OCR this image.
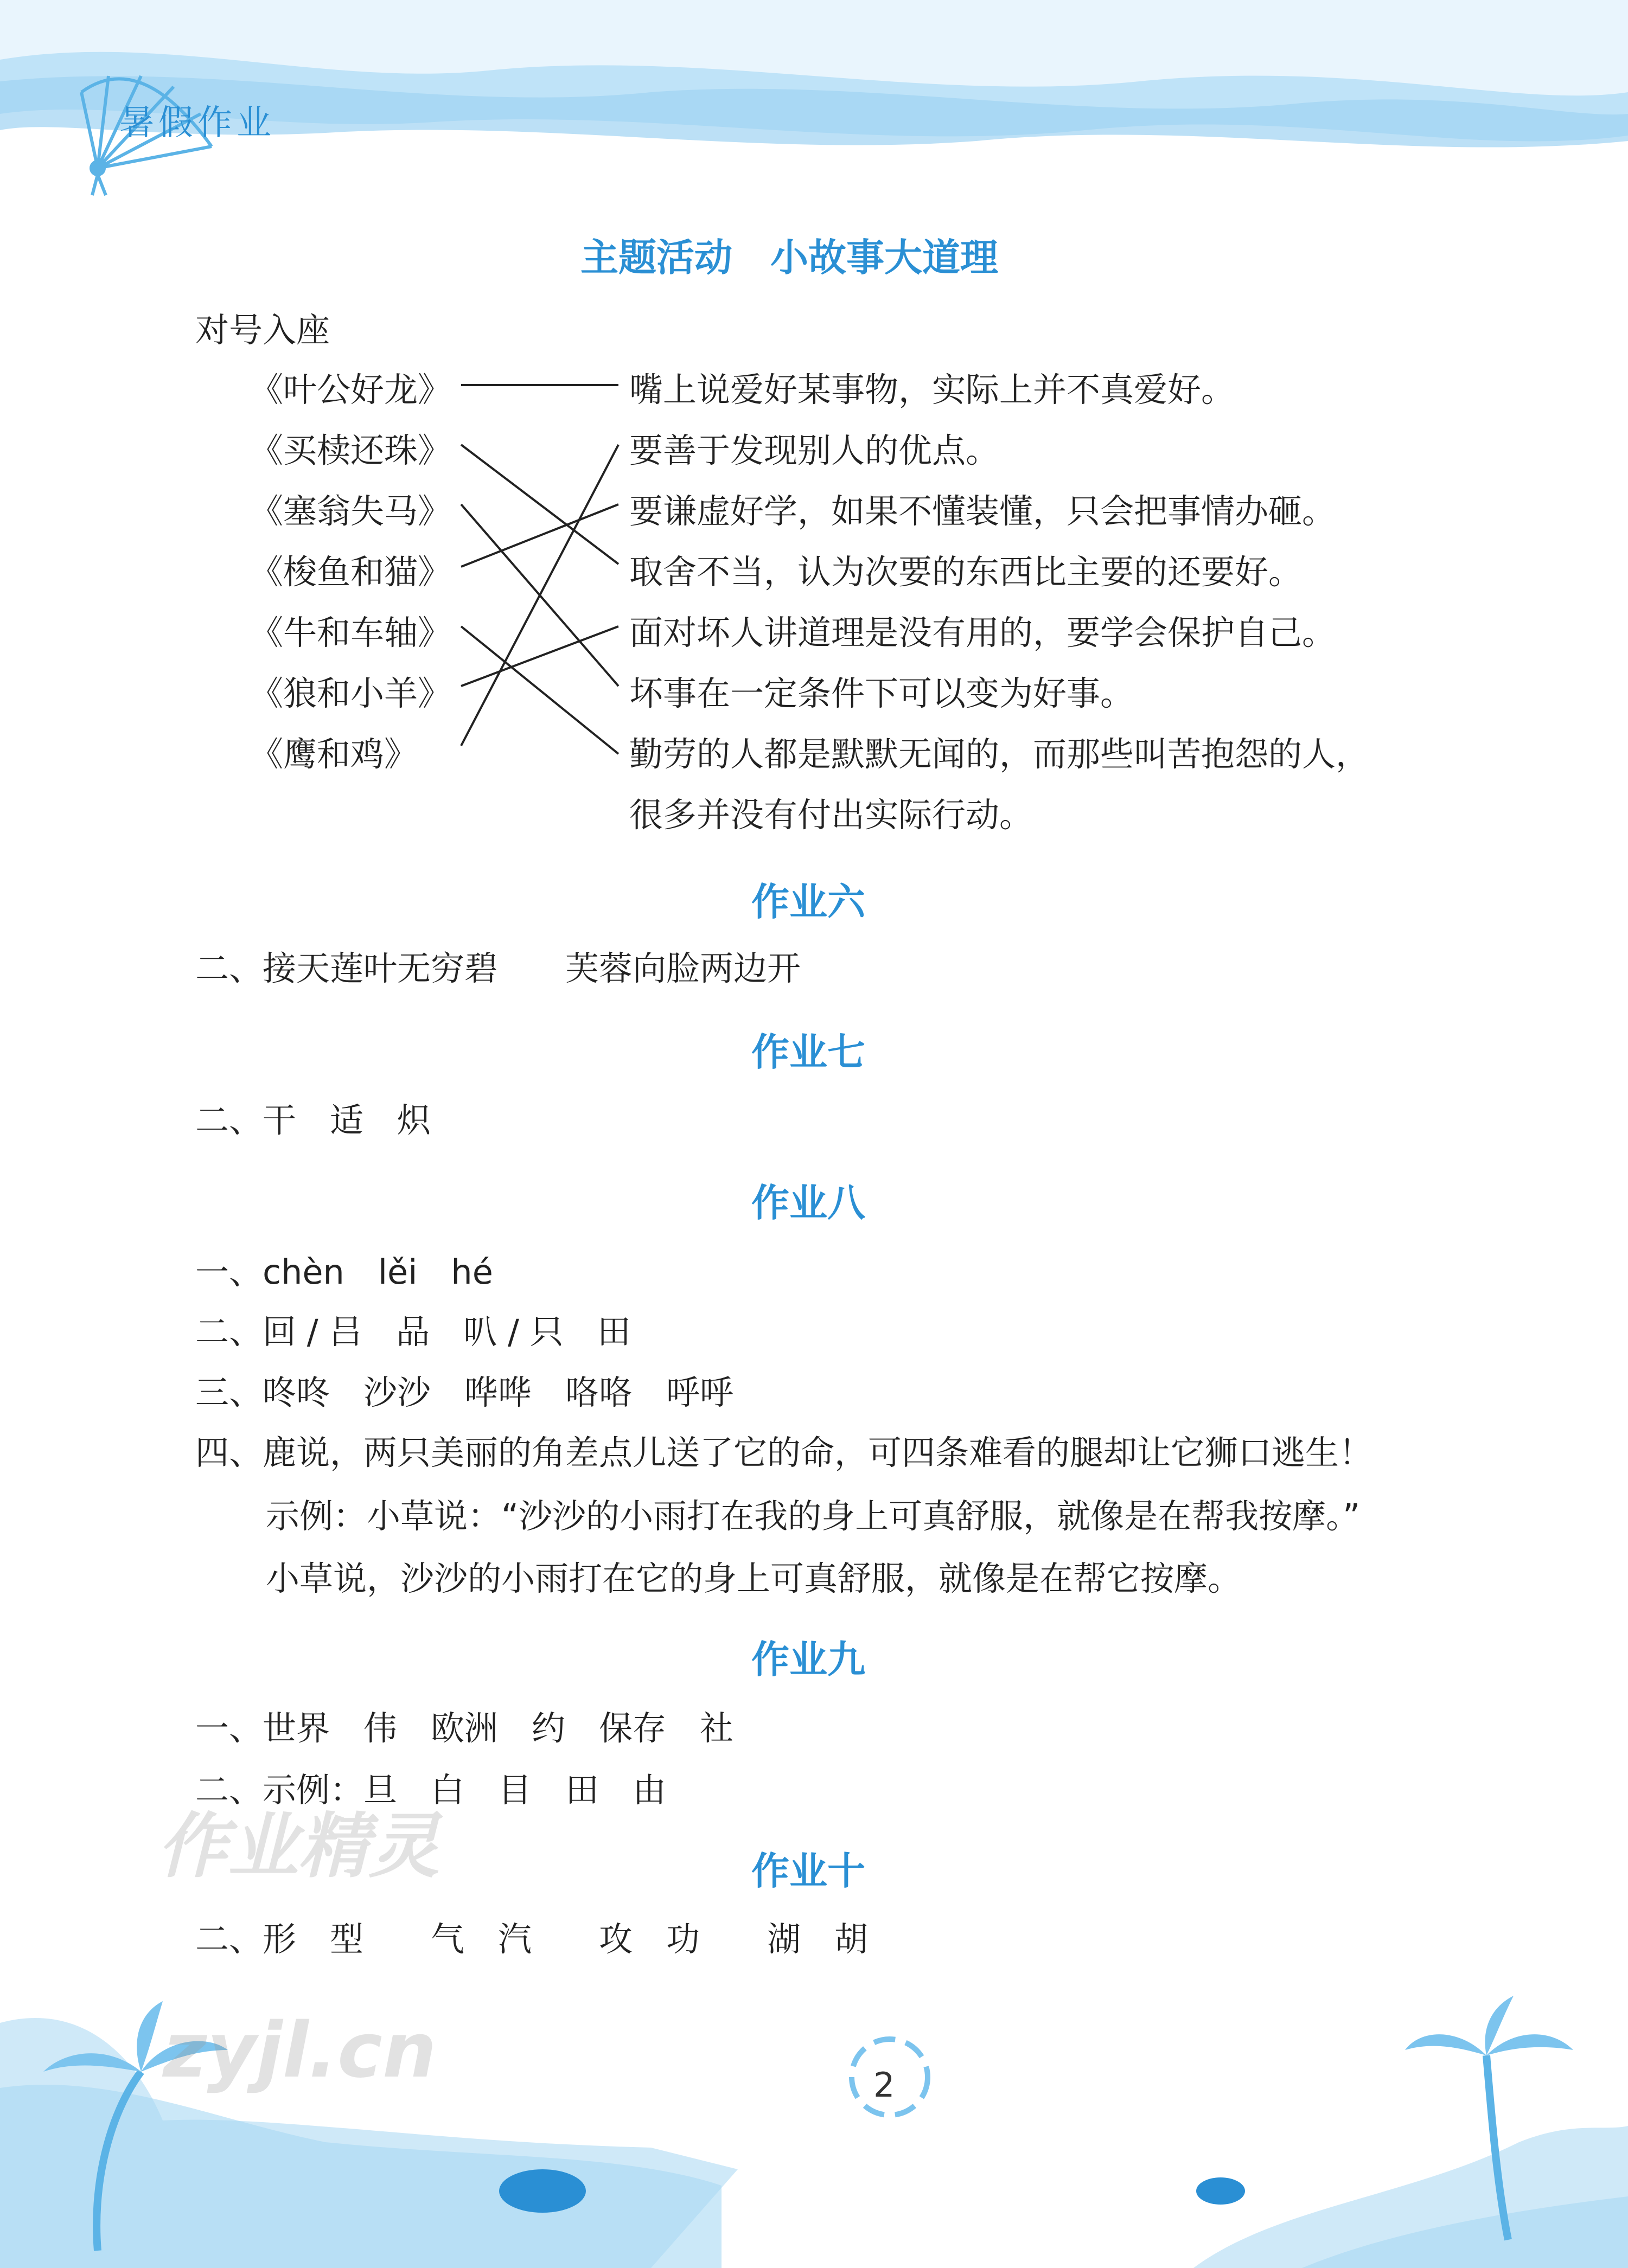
暑假作业
主题活动　小故事大道理
对号入座
《叶公好龙》
《买椟还珠》
《塞翁失马》
《梭鱼和猫》
《牛和车轴》
《狼和小羊》
《鹰和鸡》
嘴上说爱好某事物，实际上并不真爱好。
要善于发现别人的优点。
要谦虚好学，如果不懂装懂，只会把事情办砸。
取舍不当，认为次要的东西比主要的还要好。
面对坏人讲道理是没有用的，要学会保护自己。
坏事在一定条件下可以变为好事。
勤劳的人都是默默无闻的，而那些叫苦抱怨的人，
很多并没有付出实际行动。
作业六
二、接天莲叶无穷碧　　芙蓉向脸两边开
作业七
二、干　适　炽
作业八
一、chèn　lěi　hé
二、回 / 吕　品　叭 / 只　田
三、咚咚　沙沙　哗哗　咯咯　呼呼
四、鹿说，两只美丽的角差点儿送了它的命，可四条难看的腿却让它狮口逃生！
示例：小草说：“沙沙的小雨打在我的身上可真舒服，就像是在帮我按摩。”
小草说，沙沙的小雨打在它的身上可真舒服，就像是在帮它按摩。
作业九
一、世界　伟　欧洲　约　保存　社
二、示例：旦　白　目　田　由
作业十
二、形　型　　气　汽　　攻　功　　湖　胡
作业精灵
2
zyjl.cn
